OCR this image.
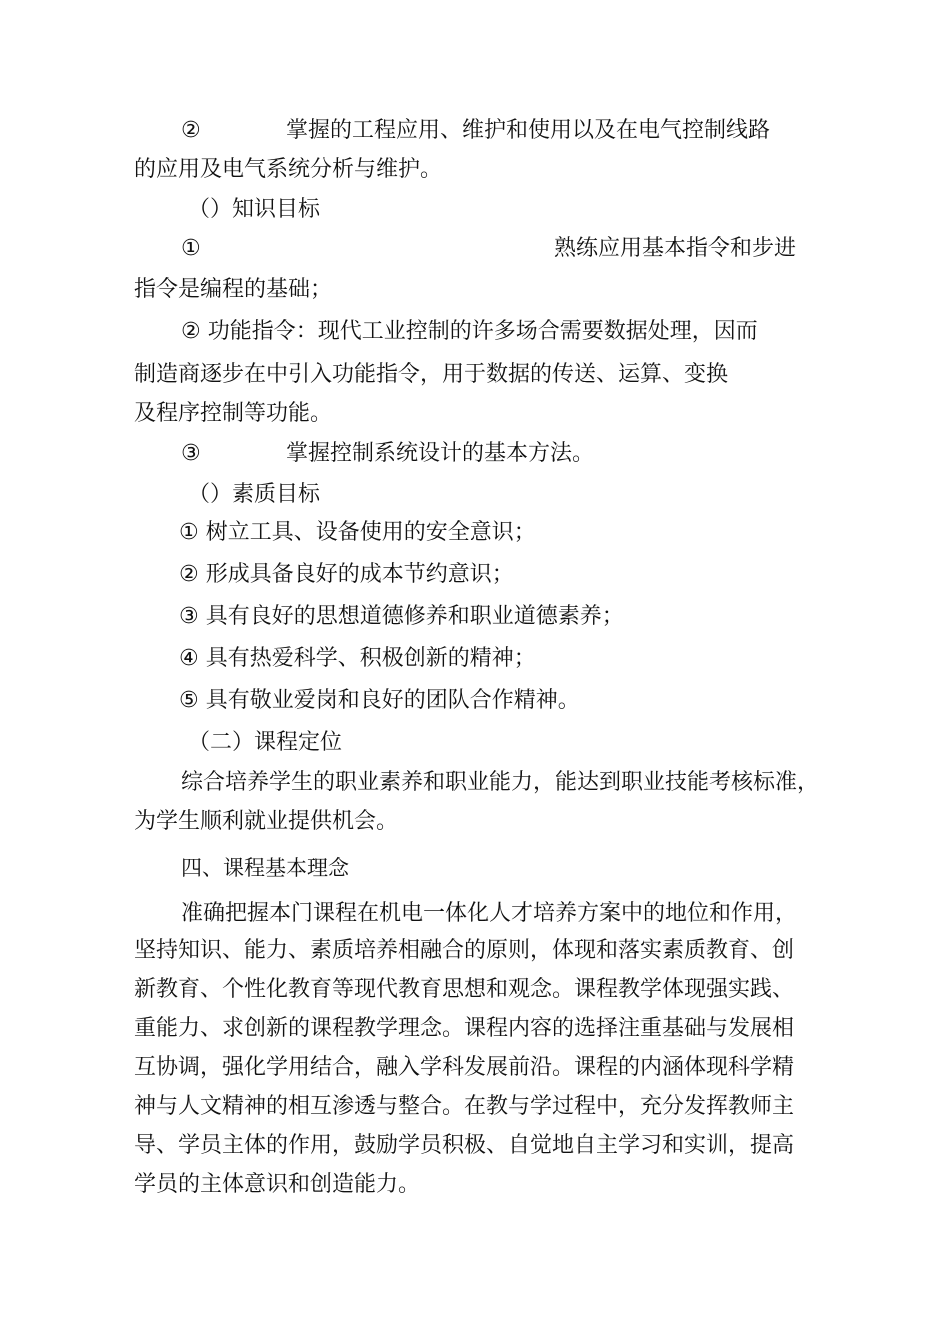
②	掌握的工程应用、维护和使用以及在电气控制线路
的应用及电气系统分析与维护。
（）知识目标
①	熟练应用基本指令和步进
指令是编程的基础；
② 功能指令：现代工业控制的许多场合需要数据处理，因而
制造商逐步在中引入功能指令，用于数据的传送、运算、变换
及程序控制等功能。
③	掌握控制系统设计的基本方法。
（）素质目标
① 树立工具、设备使用的安全意识；
② 形成具备良好的成本节约意识；
③ 具有良好的思想道德修养和职业道德素养；
④ 具有热爱科学、积极创新的精神；
⑤ 具有敬业爱岗和良好的团队合作精神。
（二）课程定位
综合培养学生的职业素养和职业能力，能达到职业技能考核标准，
为学生顺利就业提供机会。
四、课程基本理念
准确把握本门课程在机电一体化人才培养方案中的地位和作用，
坚持知识、能力、素质培养相融合的原则，体现和落实素质教育、创
新教育、个性化教育等现代教育思想和观念。课程教学体现强实践、
重能力、求创新的课程教学理念。课程内容的选择注重基础与发展相
互协调，强化学用结合，融入学科发展前沿。课程的内涵体现科学精
神与人文精神的相互渗透与整合。在教与学过程中，充分发挥教师主
导、学员主体的作用，鼓励学员积极、自觉地自主学习和实训，提高
学员的主体意识和创造能力。
